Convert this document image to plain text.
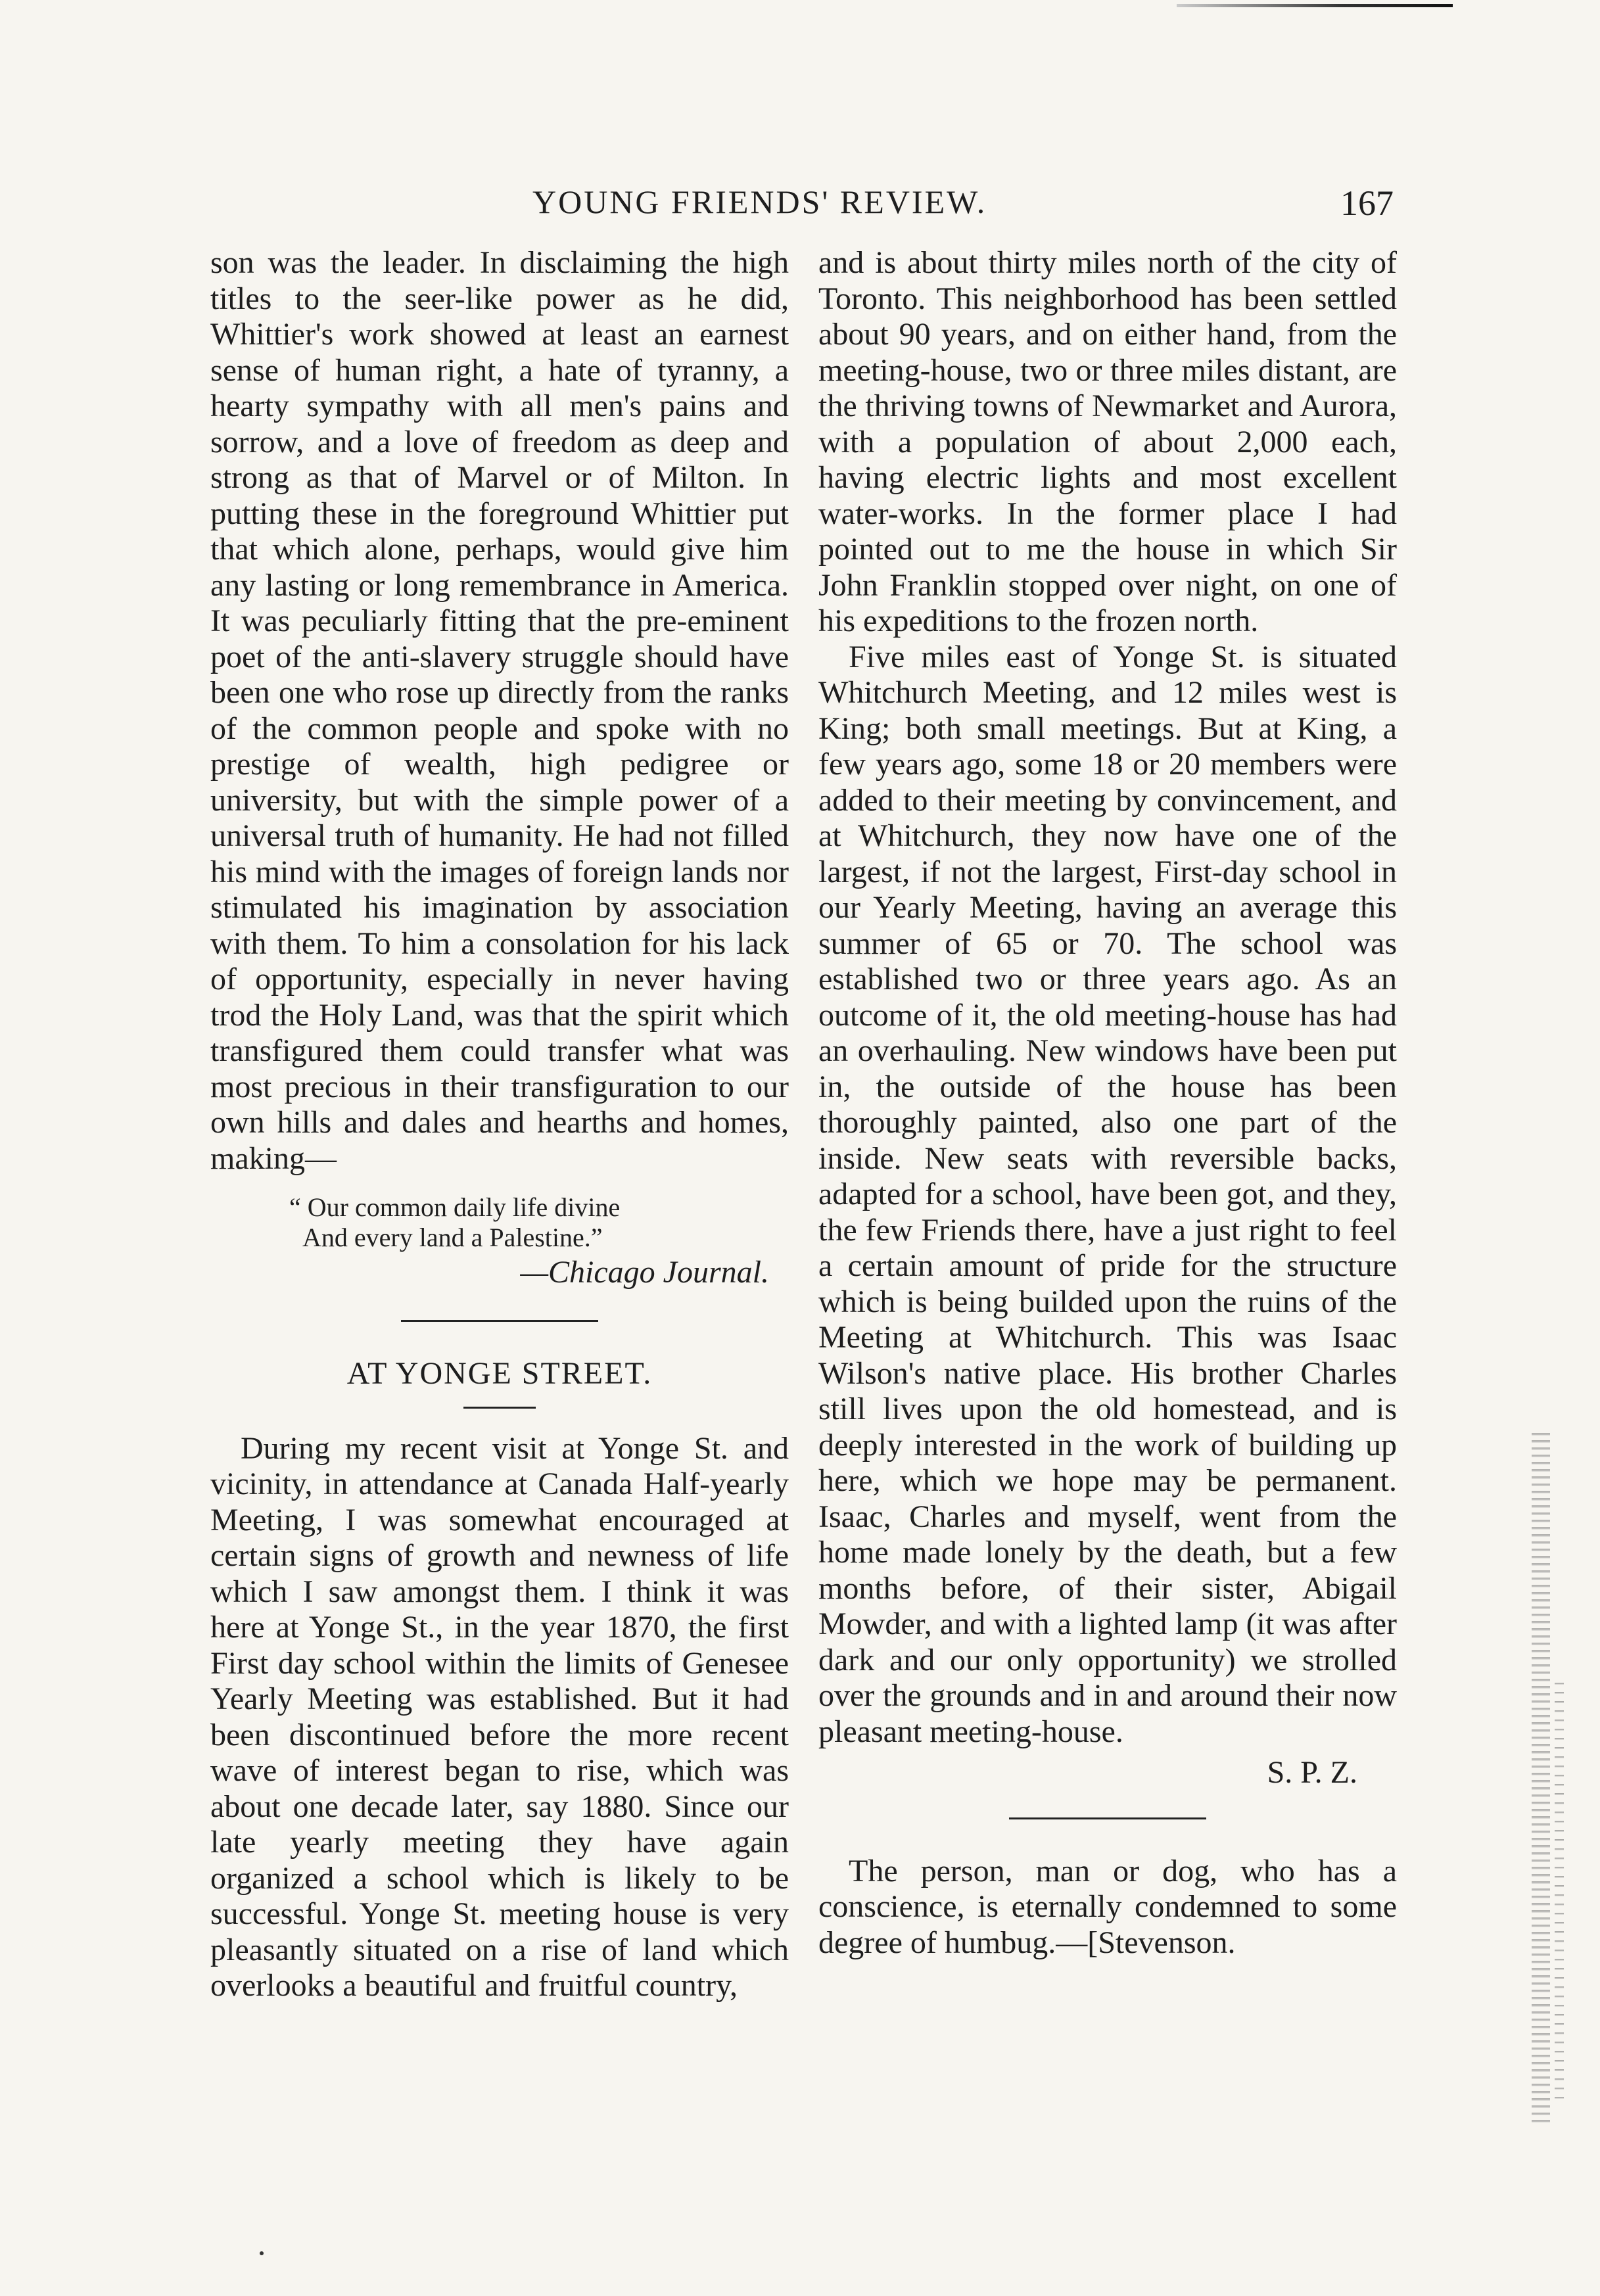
YOUNG FRIENDS' REVIEW.	167

son was the leader. In disclaiming the high titles to the seer-like power as he did, Whittier's work showed at least an earnest sense of human right, a hate of tyranny, a hearty sympathy with all men's pains and sorrow, and a love of freedom as deep and strong as that of Marvel or of Milton. In putting these in the foreground Whittier put that which alone, perhaps, would give him any lasting or long remembrance in America. It was peculiarly fitting that the pre-eminent poet of the anti-slavery struggle should have been one who rose up directly from the ranks of the common people and spoke with no prestige of wealth, high pedigree or university, but with the simple power of a universal truth of humanity. He had not filled his mind with the images of foreign lands nor stimulated his imagination by association with them. To him a consolation for his lack of opportunity, especially in never having trod the Holy Land, was that the spirit which transfigured them could transfer what was most precious in their transfiguration to our own hills and dales and hearths and homes, making—

“ Our common daily life divine
And every land a Palestine.”
—Chicago Journal.
AT YONGE STREET.

During my recent visit at Yonge St. and vicinity, in attendance at Canada Half-yearly Meeting, I was somewhat encouraged at certain signs of growth and newness of life which I saw amongst them. I think it was here at Yonge St., in the year 1870, the first First day school within the limits of Genesee Yearly Meeting was established. But it had been discontinued before the more recent wave of interest began to rise, which was about one decade later, say 1880. Since our late yearly meeting they have again organized a school which is likely to be successful. Yonge St. meeting house is very pleasantly situated on a rise of land which overlooks a beautiful and fruitful country,

and is about thirty miles north of the city of Toronto. This neighborhood has been settled about 90 years, and on either hand, from the meeting-house, two or three miles distant, are the thriving towns of Newmarket and Aurora, with a population of about 2,000 each, having electric lights and most excellent water-works. In the former place I had pointed out to me the house in which Sir John Franklin stopped over night, on one of his expeditions to the frozen north.

Five miles east of Yonge St. is situated Whitchurch Meeting, and 12 miles west is King; both small meetings. But at King, a few years ago, some 18 or 20 members were added to their meeting by convincement, and at Whitchurch, they now have one of the largest, if not the largest, First-day school in our Yearly Meeting, having an average this summer of 65 or 70. The school was established two or three years ago. As an outcome of it, the old meeting-house has had an overhauling. New windows have been put in, the outside of the house has been thoroughly painted, also one part of the inside. New seats with reversible backs, adapted for a school, have been got, and they, the few Friends there, have a just right to feel a certain amount of pride for the structure which is being builded upon the ruins of the Meeting at Whitchurch. This was Isaac Wilson's native place. His brother Charles still lives upon the old homestead, and is deeply interested in the work of building up here, which we hope may be permanent. Isaac, Charles and myself, went from the home made lonely by the death, but a few months before, of their sister, Abigail Mowder, and with a lighted lamp (it was after dark and our only opportunity) we strolled over the grounds and in and around their now pleasant meeting-house.

S. P. Z.

The person, man or dog, who has a conscience, is eternally condemned to some degree of humbug.—[Stevenson.
